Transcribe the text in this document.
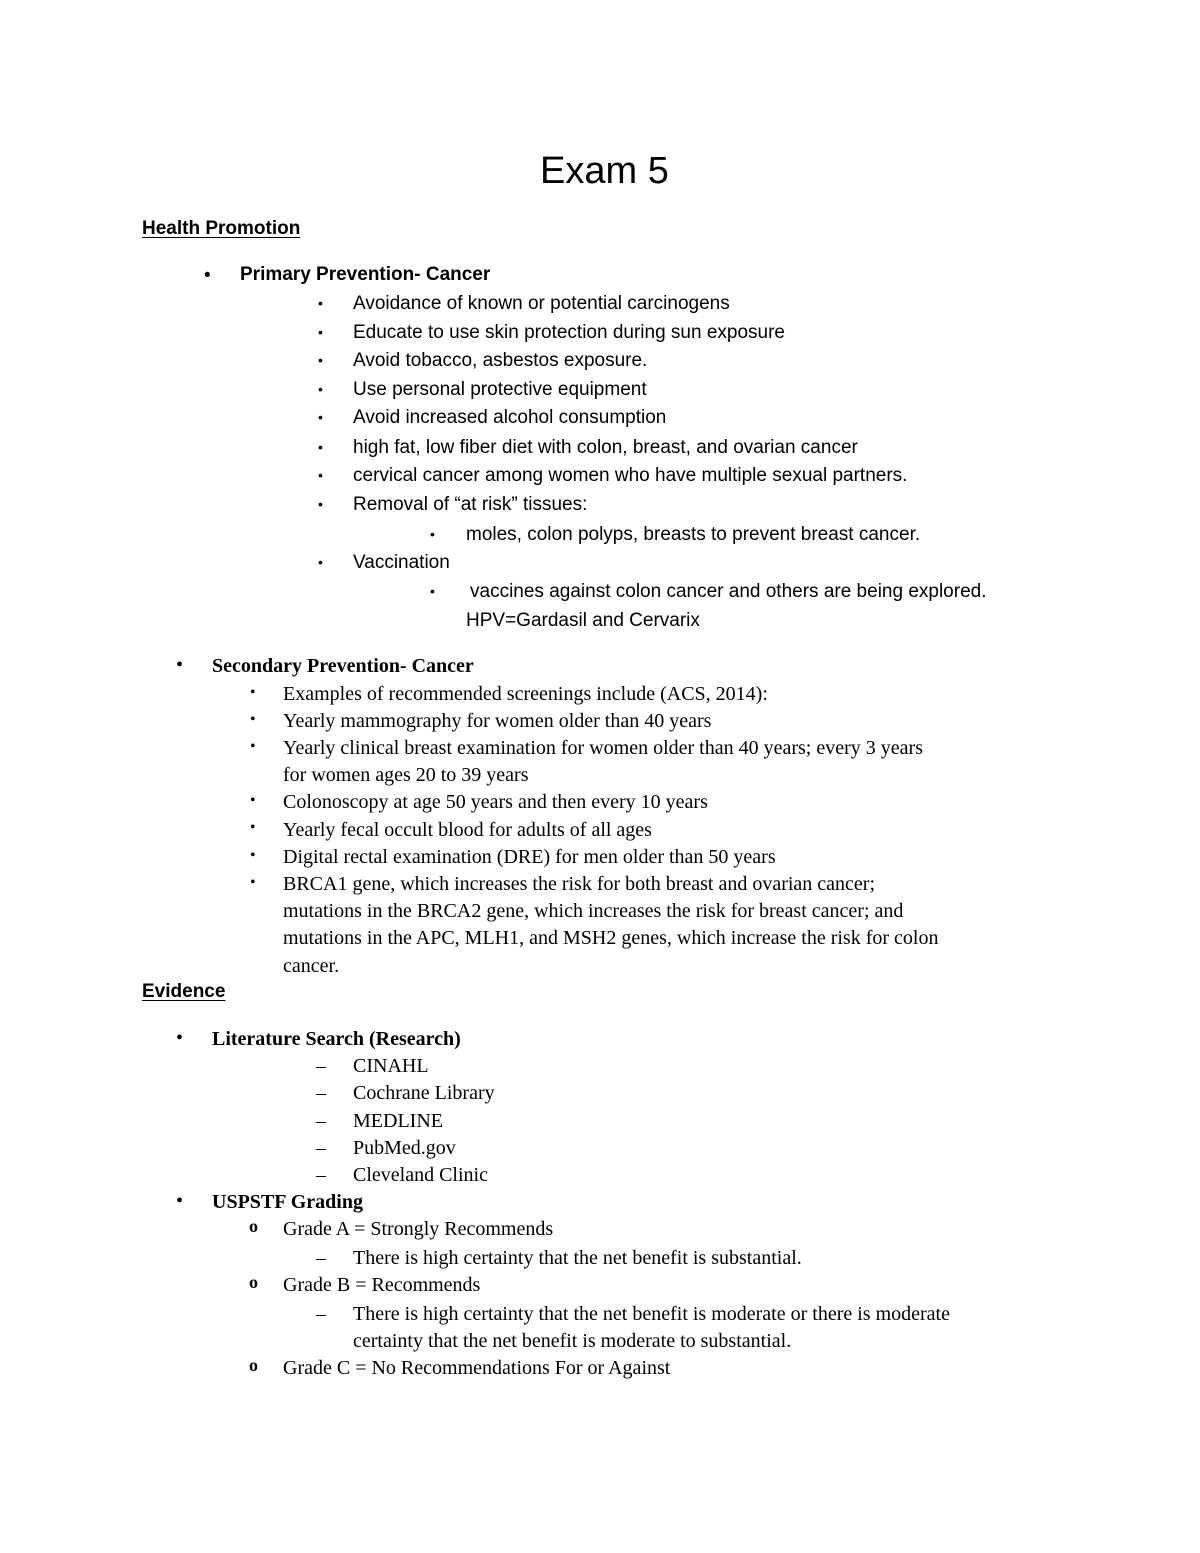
Exam 5
Health Promotion
• Primary Prevention- Cancer
• Avoidance of known or potential carcinogens
• Educate to use skin protection during sun exposure
• Avoid tobacco, asbestos exposure.
• Use personal protective equipment
• Avoid increased alcohol consumption
• high fat, low fiber diet with colon, breast, and ovarian cancer
• cervical cancer among women who have multiple sexual partners.
• Removal of “at risk” tissues:
• moles, colon polyps, breasts to prevent breast cancer.
• Vaccination
• vaccines against colon cancer and others are being explored.
HPV=Gardasil and Cervarix
• Secondary Prevention- Cancer
• Examples of recommended screenings include (ACS, 2014):
• Yearly mammography for women older than 40 years
• Yearly clinical breast examination for women older than 40 years; every 3 years
for women ages 20 to 39 years
• Colonoscopy at age 50 years and then every 10 years
• Yearly fecal occult blood for adults of all ages
• Digital rectal examination (DRE) for men older than 50 years
• BRCA1 gene, which increases the risk for both breast and ovarian cancer;
mutations in the BRCA2 gene, which increases the risk for breast cancer; and
mutations in the APC, MLH1, and MSH2 genes, which increase the risk for colon
cancer.
Evidence
• Literature Search (Research)
– CINAHL
– Cochrane Library
– MEDLINE
– PubMed.gov
– Cleveland Clinic
• USPSTF Grading
o Grade A = Strongly Recommends
– There is high certainty that the net benefit is substantial.
o Grade B = Recommends
– There is high certainty that the net benefit is moderate or there is moderate
certainty that the net benefit is moderate to substantial.
o Grade C = No Recommendations For or Against
